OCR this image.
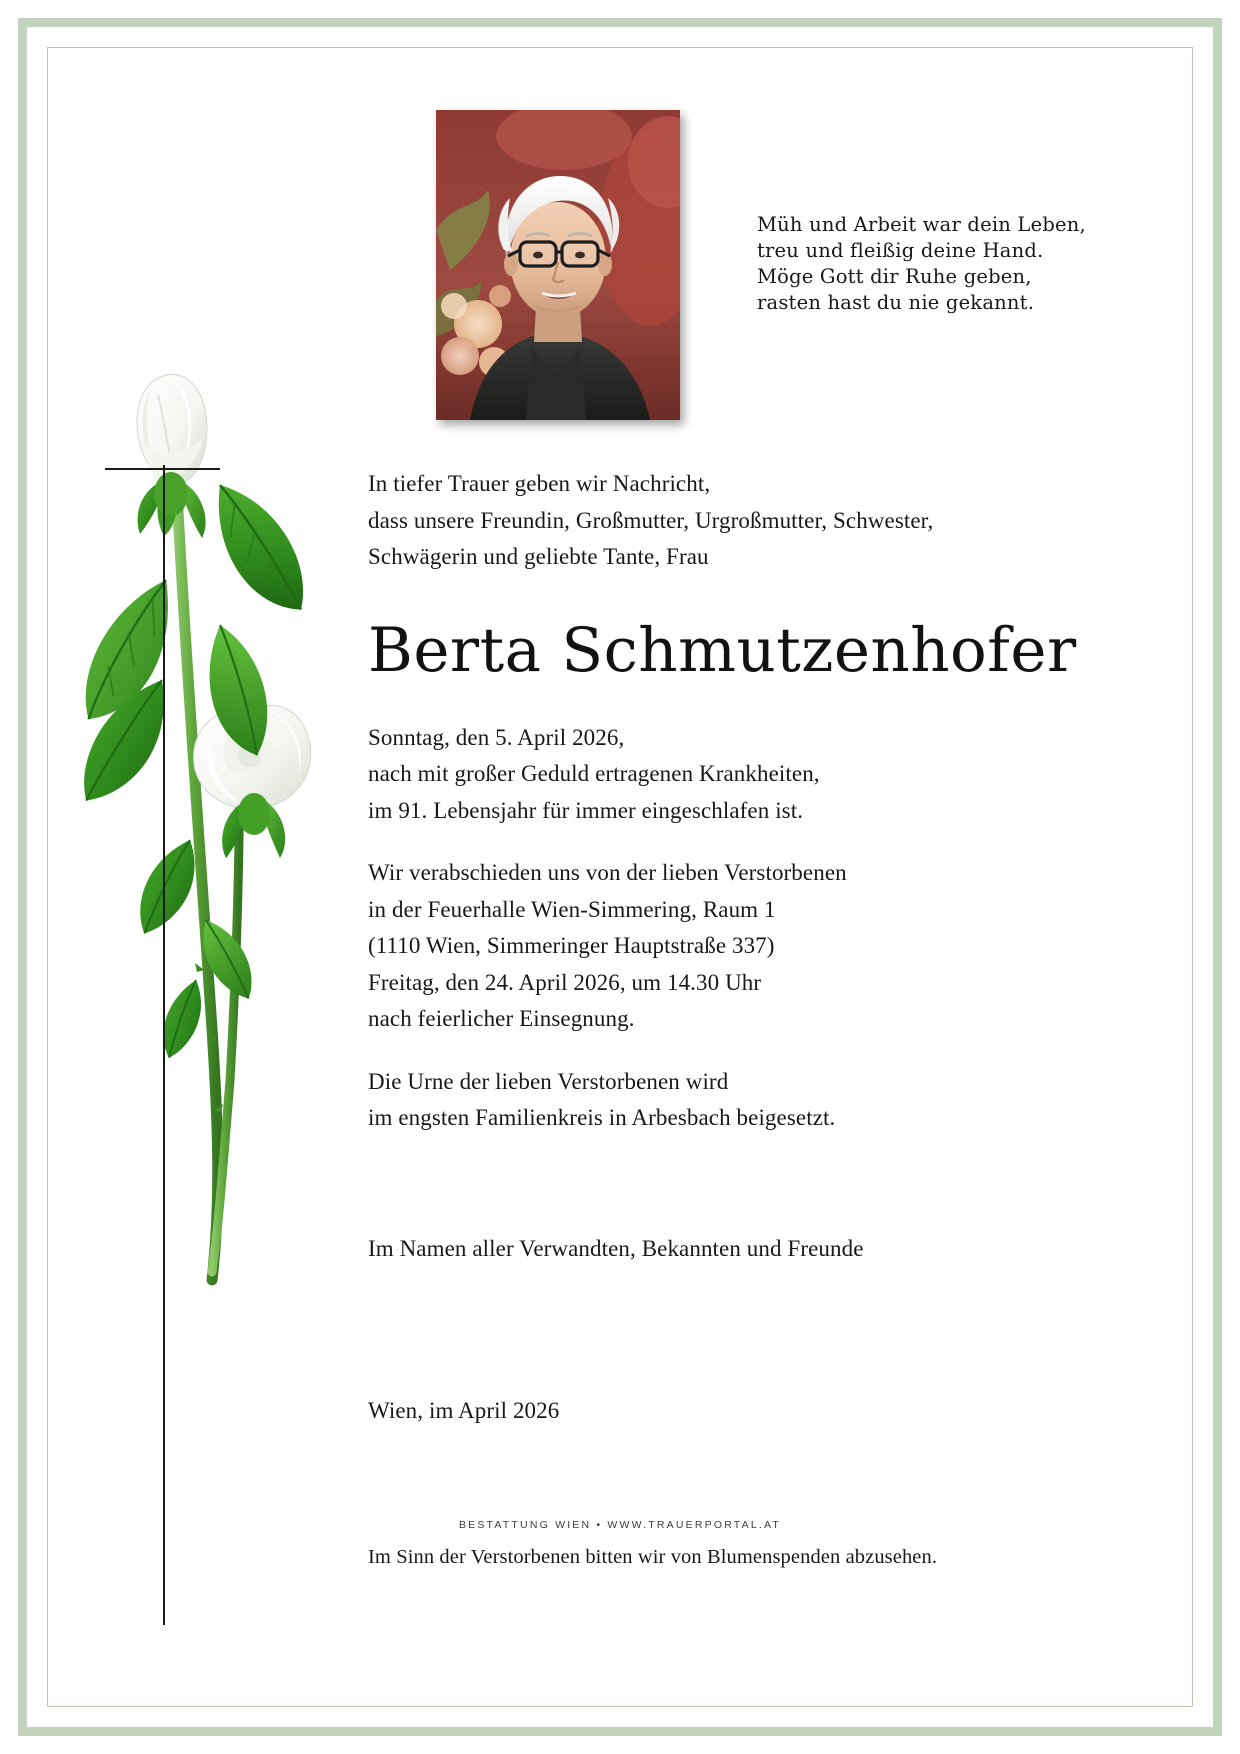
Müh und Arbeit war dein Leben,
treu und fleißig deine Hand.
Möge Gott dir Ruhe geben,
rasten hast du nie gekannt.
In tiefer Trauer geben wir Nachricht,
dass unsere Freundin, Großmutter, Urgroßmutter, Schwester,
Schwägerin und geliebte Tante, Frau
Berta Schmutzenhofer
Sonntag, den 5. April 2026,
nach mit großer Geduld ertragenen Krankheiten,
im 91. Lebensjahr für immer eingeschlafen ist.
Wir verabschieden uns von der lieben Verstorbenen
in der Feuerhalle Wien-Simmering, Raum 1
(1110 Wien, Simmeringer Hauptstraße 337)
Freitag, den 24. April 2026, um 14.30 Uhr
nach feierlicher Einsegnung.
Die Urne der lieben Verstorbenen wird
im engsten Familienkreis in Arbesbach beigesetzt.
Im Namen aller Verwandten, Bekannten und Freunde
Wien, im April 2026
Im Sinn der Verstorbenen bitten wir von Blumenspenden abzusehen.
BESTATTUNG WIEN • WWW.TRAUERPORTAL.AT
